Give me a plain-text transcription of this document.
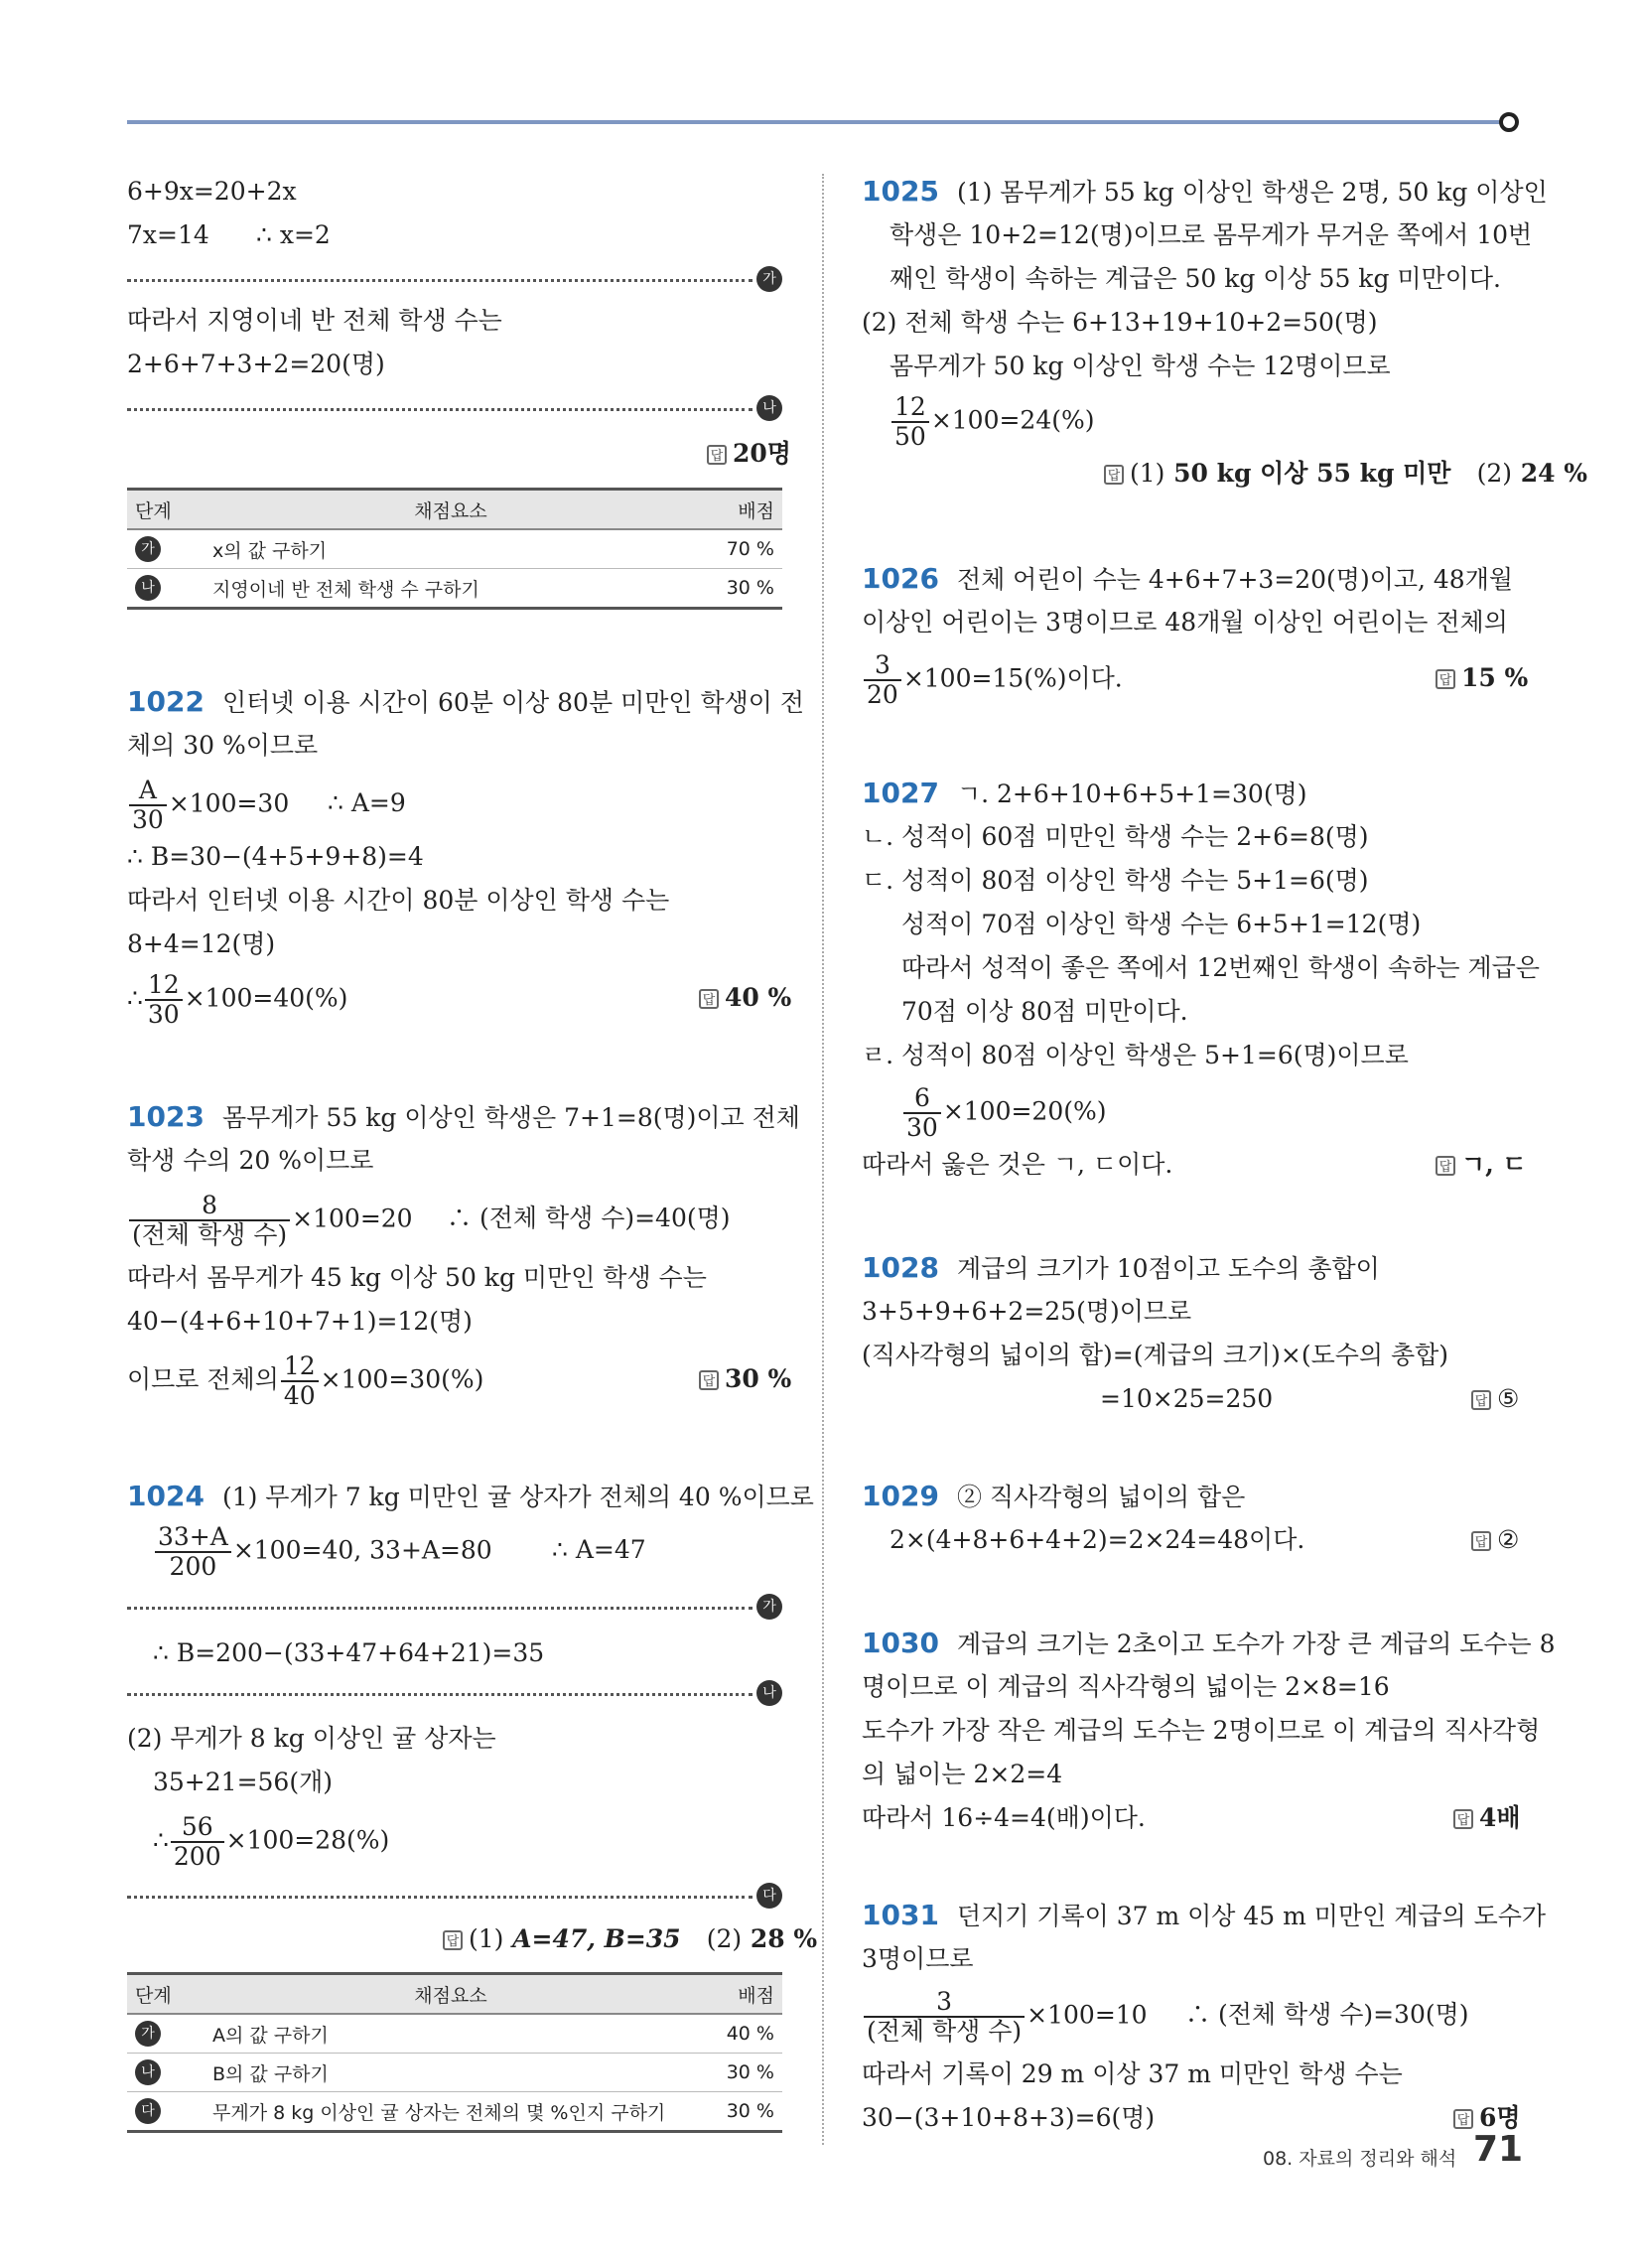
6+9x=20+2x
7x=14 ∴ x=2
가
따라서 지영이네 반 전체 학생 수는
2+6+7+3+2=20(명)
나
답 20명
단계	채점요소	배점
가	x의 값 구하기	70 %
나	지영이네 반 전체 학생 수 구하기	30 %
1022 인터넷 이용 시간이 60분 이상 80분 미만인 학생이 전
체의 30 %이므로
$\frac{A}{30} \times 100=30$ ∴ A=9
∴ B=30−(4+5+9+8)=4
따라서 인터넷 이용 시간이 80분 이상인 학생 수는
8+4=12(명)
∴ $\frac{12}{30} \times 100=40(\%)$	답 40 %
1023 몸무게가 55 kg 이상인 학생은 7+1=8(명)이고 전체
학생 수의 20 %이므로
$\frac{8}{\text{(전체 학생 수)}} \times 100=20$ ∴ (전체 학생 수)=40(명)
따라서 몸무게가 45 kg 이상 50 kg 미만인 학생 수는
40−(4+6+10+7+1)=12(명)
이므로 전체의 $\frac{12}{40} \times 100=30(\%)$	답 30 %
1024 (1) 무게가 7 kg 미만인 귤 상자가 전체의 40 %이므로
$\frac{33+A}{200} \times 100=40$, 33+A=80 ∴ A=47
가
∴ B=200−(33+47+64+21)=35
나
(2) 무게가 8 kg 이상인 귤 상자는
35+21=56(개)
∴ $\frac{56}{200} \times 100=28(\%)$
다
답 (1) A=47, B=35 (2) 28 %
단계	채점요소	배점
가	A의 값 구하기	40 %
나	B의 값 구하기	30 %
다	무게가 8 kg 이상인 귤 상자는 전체의 몇 %인지 구하기	30 %
1025 (1) 몸무게가 55 kg 이상인 학생은 2명, 50 kg 이상인
학생은 10+2=12(명)이므로 몸무게가 무거운 쪽에서 10번
째인 학생이 속하는 계급은 50 kg 이상 55 kg 미만이다.
(2) 전체 학생 수는 6+13+19+10+2=50(명)
몸무게가 50 kg 이상인 학생 수는 12명이므로
$\frac{12}{50} \times 100=24(\%)$
답 (1) 50 kg 이상 55 kg 미만 (2) 24 %
1026 전체 어린이 수는 4+6+7+3=20(명)이고, 48개월
이상인 어린이는 3명이므로 48개월 이상인 어린이는 전체의
$\frac{3}{20} \times 100=15(\%)$이다.	답 15 %
1027 ㄱ. 2+6+10+6+5+1=30(명)
ㄴ. 성적이 60점 미만인 학생 수는 2+6=8(명)
ㄷ. 성적이 80점 이상인 학생 수는 5+1=6(명)
성적이 70점 이상인 학생 수는 6+5+1=12(명)
따라서 성적이 좋은 쪽에서 12번째인 학생이 속하는 계급은
70점 이상 80점 미만이다.
ㄹ. 성적이 80점 이상인 학생은 5+1=6(명)이므로
$\frac{6}{30} \times 100=20(\%)$
따라서 옳은 것은 ㄱ, ㄷ이다.	답 ㄱ, ㄷ
1028 계급의 크기가 10점이고 도수의 총합이
3+5+9+6+2=25(명)이므로
(직사각형의 넓이의 합)=(계급의 크기)×(도수의 총합)
=10×25=250	답 ⑤
1029 ② 직사각형의 넓이의 합은
2×(4+8+6+4+2)=2×24=48이다.	답 ②
1030 계급의 크기는 2초이고 도수가 가장 큰 계급의 도수는 8
명이므로 이 계급의 직사각형의 넓이는 2×8=16
도수가 가장 작은 계급의 도수는 2명이므로 이 계급의 직사각형
의 넓이는 2×2=4
따라서 16÷4=4(배)이다.	답 4배
1031 던지기 기록이 37 m 이상 45 m 미만인 계급의 도수가
3명이므로
$\frac{3}{\text{(전체 학생 수)}} \times 100=10$ ∴ (전체 학생 수)=30(명)
따라서 기록이 29 m 이상 37 m 미만인 학생 수는
30−(3+10+8+3)=6(명)	답 6명
08. 자료의 정리와 해석 71
